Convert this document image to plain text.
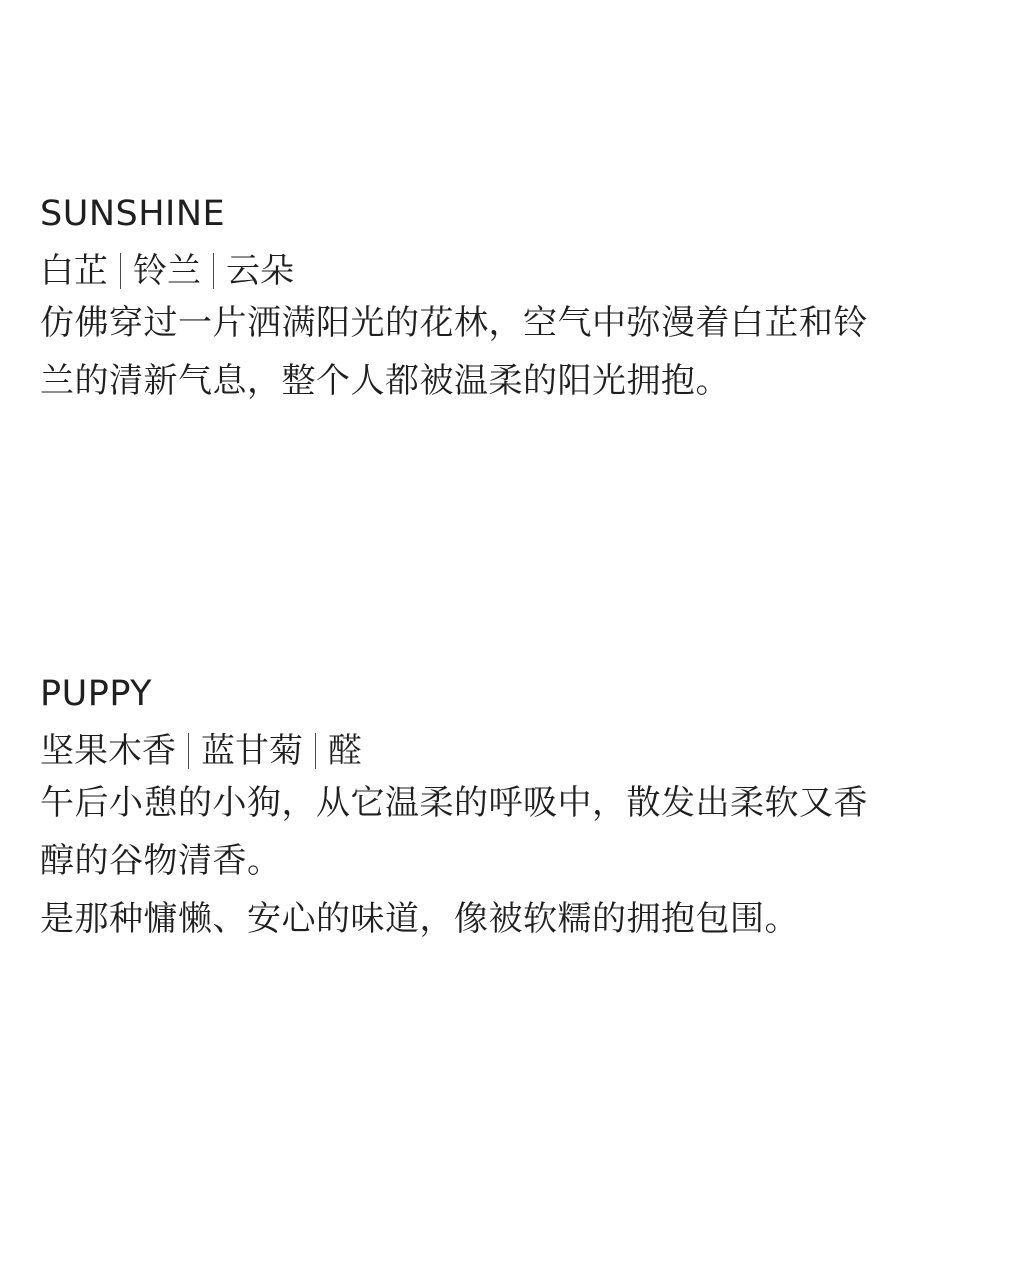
SUNSHINE
白芷 铃兰 云朵

仿佛穿过一片洒满阳光的花林，空气中弥漫着白芷和铃
兰的清新气息，整个人都被温柔的阳光拥抱。

PUPPY
坚果木香 蓝甘菊 醛

午后小憩的小狗，从它温柔的呼吸中，散发出柔软又香
醇的谷物清香。
是那种慵懒、安心的味道，像被软糯的拥抱包围。
